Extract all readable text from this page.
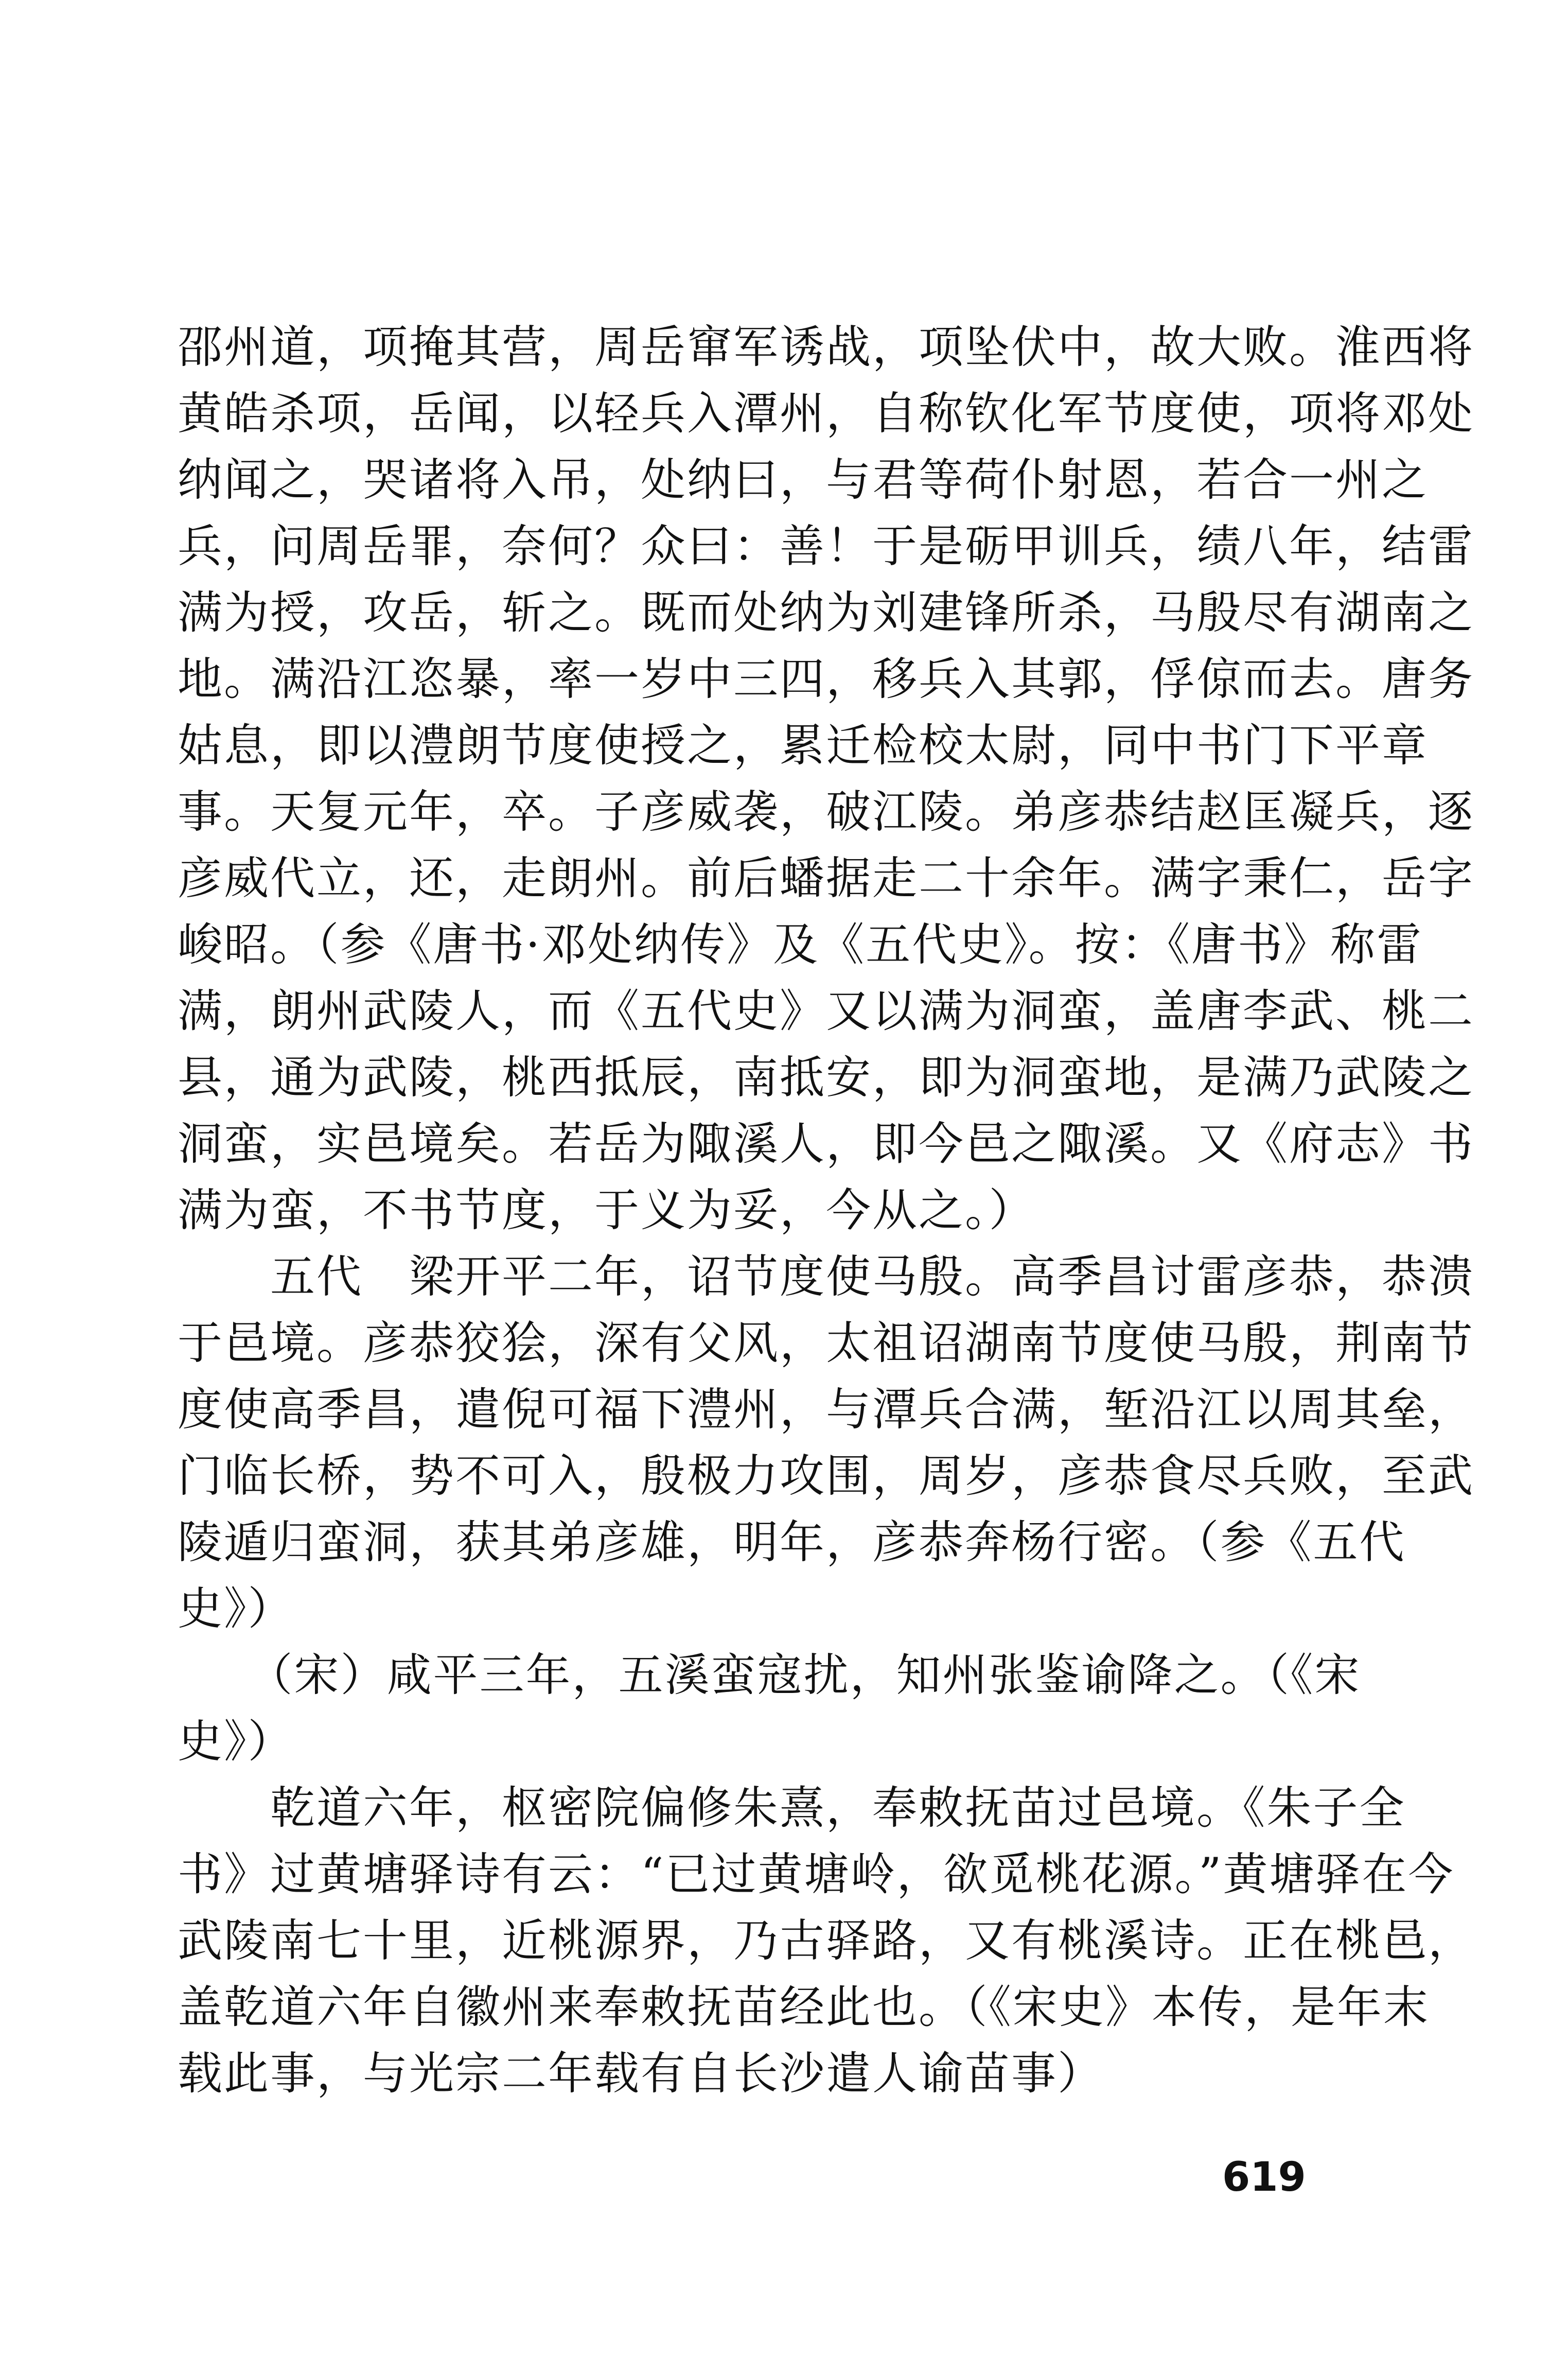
邵州道，项掩其营，周岳窜军诱战，项坠伏中，故大败。淮西将
黄皓杀项，岳闻，以轻兵入潭州，自称钦化军节度使，项将邓处
纳闻之，哭诸将入吊，处纳曰，与君等荷仆射恩，若合一州之
兵，问周岳罪，奈何？众曰：善！于是砺甲训兵，绩八年，结雷
满为授，攻岳，斩之。既而处纳为刘建锋所杀，马殷尽有湖南之
地。满沿江恣暴，率一岁中三四，移兵入其郭，俘倞而去。唐务
姑息，即以澧朗节度使授之，累迁检校太尉，同中书门下平章
事。天复元年，卒。子彦威袭，破江陵。弟彦恭结赵匡凝兵，逐
彦威代立，还，走朗州。前后蟠据走二十余年。满字秉仁，岳字
峻昭。（参《唐书·邓处纳传》及《五代史》。按：《唐书》称雷
满，朗州武陵人，而《五代史》又以满为洞蛮，盖唐李武、桃二
县，通为武陵，桃西抵辰，南抵安，即为洞蛮地，是满乃武陵之
洞蛮，实邑境矣。若岳为陬溪人，即今邑之陬溪。又《府志》书
满为蛮，不书节度，于义为妥，今从之。）
　　五代　梁开平二年，诏节度使马殷。高季昌讨雷彦恭，恭溃
于邑境。彦恭狡狯，深有父风，太祖诏湖南节度使马殷，荆南节
度使高季昌，遣倪可福下澧州，与潭兵合满，堑沿江以周其垒，
门临长桥，势不可入，殷极力攻围，周岁，彦恭食尽兵败，至武
陵遁归蛮洞，获其弟彦雄，明年，彦恭奔杨行密。（参《五代
史》）
　　（宋）咸平三年，五溪蛮寇扰，知州张鉴谕降之。（《宋
史》）
　　乾道六年，枢密院偏修朱熹，奉敕抚苗过邑境。《朱子全
书》过黄塘驿诗有云：“已过黄塘岭，欲觅桃花源。”黄塘驿在今
武陵南七十里，近桃源界，乃古驿路，又有桃溪诗。正在桃邑，
盖乾道六年自徽州来奉敕抚苗经此也。（《宋史》本传，是年末
载此事，与光宗二年载有自长沙遣人谕苗事）
619
